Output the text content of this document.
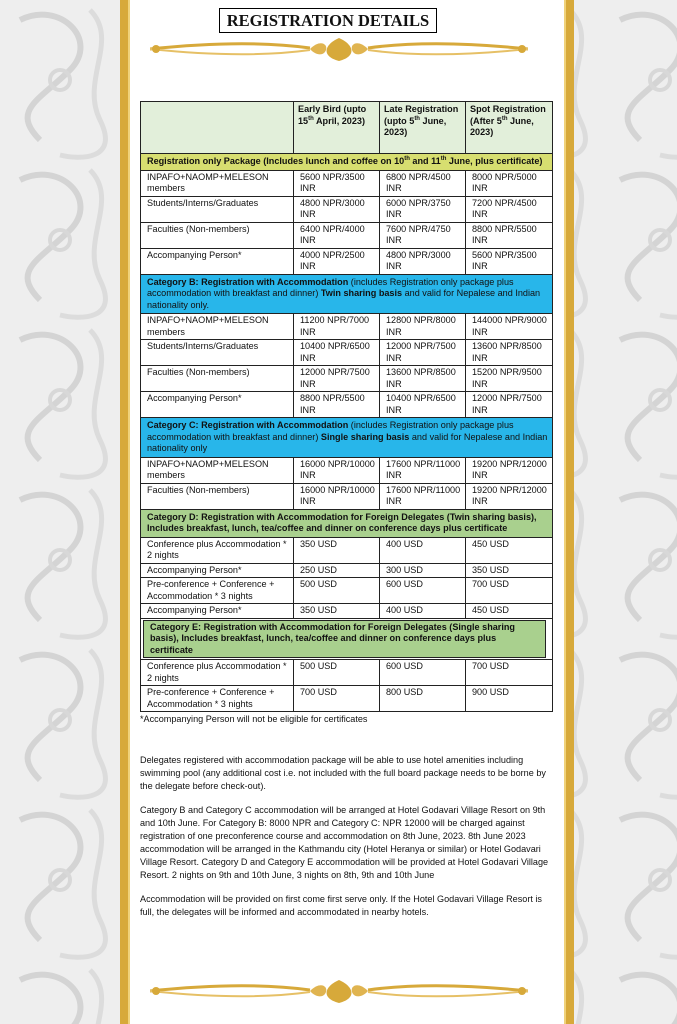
REGISTRATION DETAILS
	Early Bird (upto 15th April, 2023)	Late Registration (upto 5th June, 2023)	Spot Registration (After 5th June, 2023)
Registration only Package (Includes lunch and coffee on 10th and 11th June, plus certificate)			
INPAFO+NAOMP+MELESON members	5600 NPR/3500 INR	6800 NPR/4500 INR	8000 NPR/5000 INR
Students/Interns/Graduates	4800 NPR/3000 INR	6000 NPR/3750 INR	7200 NPR/4500 INR
Faculties (Non-members)	6400 NPR/4000 INR	7600 NPR/4750 INR	8800 NPR/5500 INR
Accompanying Person*	4000 NPR/2500 INR	4800 NPR/3000 INR	5600 NPR/3500 INR
Category B: Registration with Accommodation (includes Registration only package plus accommodation with breakfast and dinner) Twin sharing basis and valid for Nepalese and Indian nationality only.			
INPAFO+NAOMP+MELESON members	11200 NPR/7000 INR	12800 NPR/8000 INR	144000 NPR/9000 INR
Students/Interns/Graduates	10400 NPR/6500 INR	12000 NPR/7500 INR	13600 NPR/8500 INR
Faculties (Non-members)	12000 NPR/7500 INR	13600 NPR/8500 INR	15200 NPR/9500 INR
Accompanying Person*	8800 NPR/5500 INR	10400 NPR/6500 INR	12000 NPR/7500 INR
Category C: Registration with Accommodation (includes Registration only package plus accommodation with breakfast and dinner) Single sharing basis and valid for Nepalese and Indian nationality only			
INPAFO+NAOMP+MELESON members	16000 NPR/10000 INR	17600 NPR/11000 INR	19200 NPR/12000 INR
Faculties (Non-members)	16000 NPR/10000 INR	17600 NPR/11000 INR	19200 NPR/12000 INR
Category D: Registration with Accommodation for Foreign Delegates (Twin sharing basis), Includes breakfast, lunch, tea/coffee and dinner on conference days plus certificate			
Conference plus Accommodation * 2 nights	350 USD	400 USD	450 USD
Accompanying Person*	250 USD	300 USD	350 USD
Pre-conference + Conference + Accommodation * 3 nights	500 USD	600 USD	700 USD
Accompanying Person*	350 USD	400 USD	450 USD

Category E: Registration with Accommodation for Foreign Delegates (Single sharing basis), Includes breakfast, lunch, tea/coffee and dinner on conference days plus certificate			

Conference plus Accommodation * 2 nights	500 USD	600 USD	700 USD
Pre-conference + Conference + Accommodation * 3 nights	700 USD	800 USD	900 USD
*Accompanying Person will not be eligible for certificates

Delegates registered with accommodation package will be able to use hotel amenities including swimming pool (any additional cost i.e. not included with the full board package needs to be borne by the delegate before check-out).

Category B and Category C accommodation will be arranged at Hotel Godavari Village Resort on 9th and 10th June. For Category B: 8000 NPR and Category C: NPR 12000 will be charged against registration of one preconference course and accommodation on 8th June, 2023. 8th June 2023 accommodation will be arranged in the Kathmandu city (Hotel Heranya or similar) or Hotel Godavari Village Resort. Category D and Category E accommodation will be provided at Hotel Godavari Village Resort. 2 nights on 9th and 10th June, 3 nights on 8th, 9th and 10th June

Accommodation will be provided on first come first serve only. If the Hotel Godavari Village Resort is full, the delegates will be informed and accommodated in nearby hotels.
